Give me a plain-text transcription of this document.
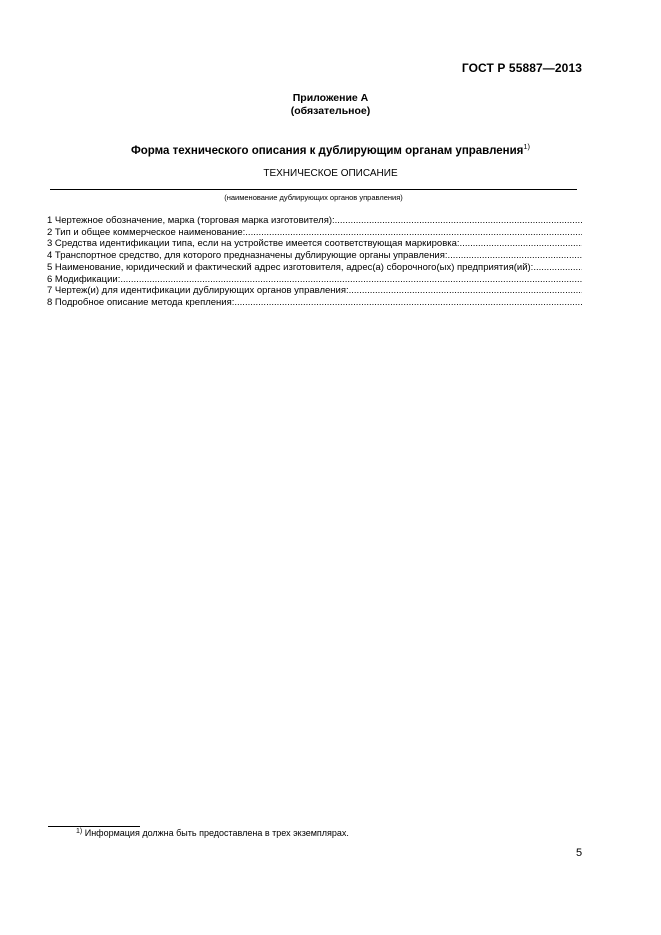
ГОСТ Р 55887—2013
Приложение А
(обязательное)
Форма технического описания к дублирующим органам управления$^{1)}$
ТЕХНИЧЕСКОЕ ОПИСАНИЕ
(наименование дублирующих органов управления)
1 Чертежное обозначение, марка (торговая марка изготовителя):
.....
2 Тип и общее коммерческое наименование:
.....
3 Средства идентификации типа, если на устройстве имеется соответствующая маркировка:
.....
4 Транспортное средство, для которого предназначены дублирующие органы управления:
.....
5 Наименование, юридический и фактический адрес изготовителя, адрес(а) сборочного(ых) предприятия(ий):
.....
6 Модификации:
.....
7 Чертеж(и) для идентификации дублирующих органов управления:
.....
8 Подробное описание метода крепления:
.....
$^{1)}$ Информация должна быть предоставлена в трех экземплярах.
5
